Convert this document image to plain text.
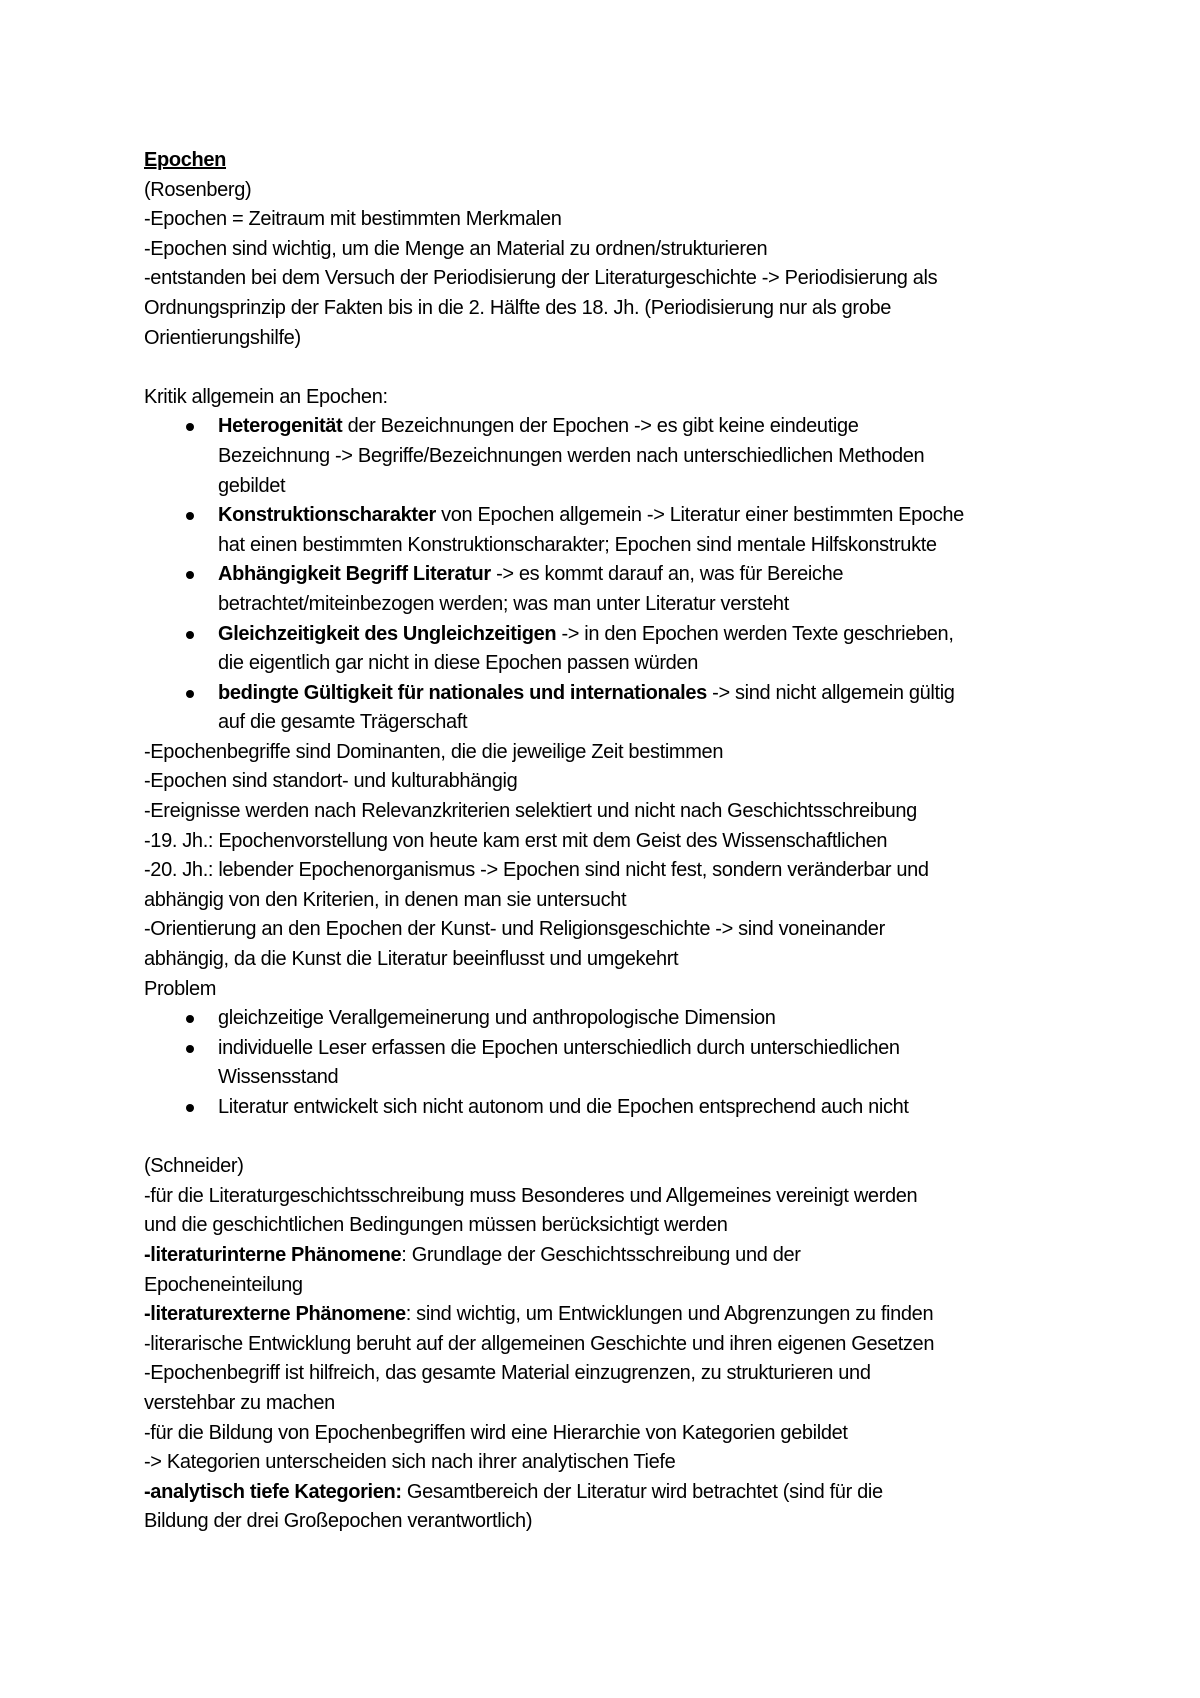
Epochen
(Rosenberg)
-Epochen = Zeitraum mit bestimmten Merkmalen
-Epochen sind wichtig, um die Menge an Material zu ordnen/strukturieren
-entstanden bei dem Versuch der Periodisierung der Literaturgeschichte -> Periodisierung als
Ordnungsprinzip der Fakten bis in die 2. Hälfte des 18. Jh. (Periodisierung nur als grobe
Orientierungshilfe)
Kritik allgemein an Epochen:
Heterogenität der Bezeichnungen der Epochen -> es gibt keine eindeutige
Bezeichnung -> Begriffe/Bezeichnungen werden nach unterschiedlichen Methoden
gebildet
Konstruktionscharakter von Epochen allgemein -> Literatur einer bestimmten Epoche
hat einen bestimmten Konstruktionscharakter; Epochen sind mentale Hilfskonstrukte
Abhängigkeit Begriff Literatur -> es kommt darauf an, was für Bereiche
betrachtet/miteinbezogen werden; was man unter Literatur versteht
Gleichzeitigkeit des Ungleichzeitigen -> in den Epochen werden Texte geschrieben,
die eigentlich gar nicht in diese Epochen passen würden
bedingte Gültigkeit für nationales und internationales -> sind nicht allgemein gültig
auf die gesamte Trägerschaft
-Epochenbegriffe sind Dominanten, die die jeweilige Zeit bestimmen
-Epochen sind standort- und kulturabhängig
-Ereignisse werden nach Relevanzkriterien selektiert und nicht nach Geschichtsschreibung
-19. Jh.: Epochenvorstellung von heute kam erst mit dem Geist des Wissenschaftlichen
-20. Jh.: lebender Epochenorganismus -> Epochen sind nicht fest, sondern veränderbar und
abhängig von den Kriterien, in denen man sie untersucht
-Orientierung an den Epochen der Kunst- und Religionsgeschichte -> sind voneinander
abhängig, da die Kunst die Literatur beeinflusst und umgekehrt
Problem
gleichzeitige Verallgemeinerung und anthropologische Dimension
individuelle Leser erfassen die Epochen unterschiedlich durch unterschiedlichen
Wissensstand
Literatur entwickelt sich nicht autonom und die Epochen entsprechend auch nicht
(Schneider)
-für die Literaturgeschichtsschreibung muss Besonderes und Allgemeines vereinigt werden
und die geschichtlichen Bedingungen müssen berücksichtigt werden
-literaturinterne Phänomene: Grundlage der Geschichtsschreibung und der
Epocheneinteilung
-literaturexterne Phänomene: sind wichtig, um Entwicklungen und Abgrenzungen zu finden
-literarische Entwicklung beruht auf der allgemeinen Geschichte und ihren eigenen Gesetzen
-Epochenbegriff ist hilfreich, das gesamte Material einzugrenzen, zu strukturieren und
verstehbar zu machen
-für die Bildung von Epochenbegriffen wird eine Hierarchie von Kategorien gebildet
-> Kategorien unterscheiden sich nach ihrer analytischen Tiefe
-analytisch tiefe Kategorien: Gesamtbereich der Literatur wird betrachtet (sind für die
Bildung der drei Großepochen verantwortlich)
